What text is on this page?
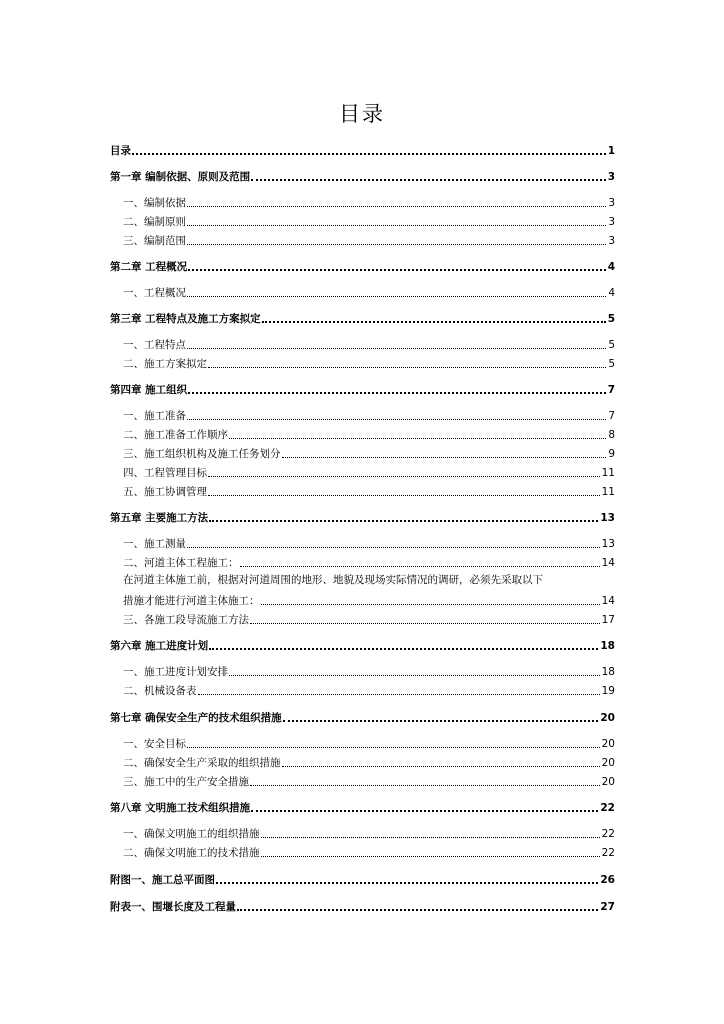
目录
目录	1
第一章 编制依据、原则及范围	3
一、编制依据	3
二、编制原则	3
三、编制范围	3
第二章 工程概况	4
一、工程概况	4
第三章 工程特点及施工方案拟定	5
一、工程特点	5
二、施工方案拟定	5
第四章 施工组织	7
一、施工准备	7
二、施工准备工作顺序	8
三、施工组织机构及施工任务划分	9
四、工程管理目标	11
五、施工协调管理	11
第五章 主要施工方法	13
一、施工测量	13
二、河道主体工程施工：	14
在河道主体施工前，根据对河道周围的地形、地貌及现场实际情况的调研，必须先采取以下
措施才能进行河道主体施工：	14
三、各施工段导流施工方法	17
第六章 施工进度计划	18
一、施工进度计划安排	18
二、机械设备表	19
第七章 确保安全生产的技术组织措施	20
一、安全目标	20
二、确保安全生产采取的组织措施	20
三、施工中的生产安全措施	20
第八章 文明施工技术组织措施	22
一、确保文明施工的组织措施	22
二、确保文明施工的技术措施	22
附图一、施工总平面图	26
附表一、围堰长度及工程量	27
